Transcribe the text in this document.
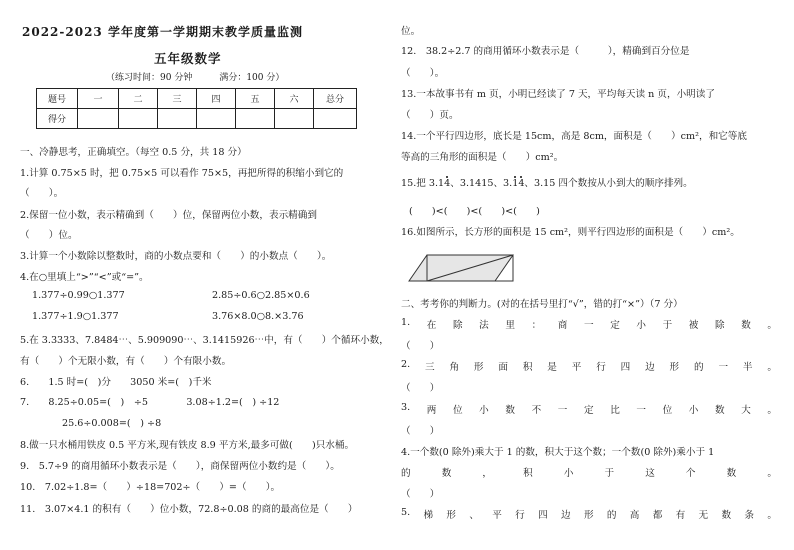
2022-2023 学年度第一学期期末教学质量监测
五年级数学
（练习时间：90 分钟　　　满分：100 分）
题号	一	二	三	四	五	六	总分
得分							
一、冷静思考，正确填空。（每空 0.5 分，共 18 分）
1.计算 0.75×5 时，把 0.75×5 可以看作 75×5，再把所得的积缩小到它的
（　　）。
2.保留一位小数，表示精确到（　　）位，保留两位小数，表示精确到
（　　）位。
3.计算一个小数除以整数时，商的小数点要和（　　）的小数点（　　）。
4.在○里填上“>”“<”或“=”。
1.377÷0.99○1.377	2.85÷0.6○2.85×0.6
1.377÷1.9○1.377	3.76×8.0○8.×3.76
5.在 3.3333、7.8484⋯、5.909090⋯、3.1415926⋯中，有（　　）个循环小数，
有（　　）个无限小数，有（　　）个有限小数。
6.　　1.5 时=(　)分　　3050 米=(　)千米
7.　　8.25÷0.05=(　)　÷5　　　　3.08÷1.2=(　) ÷12
25.6÷0.008=(　) ÷8
8.做一只水桶用铁皮 0.5 平方米,现有铁皮 8.9 平方米,最多可做(　　)只水桶。
9.　5.7÷9 的商用循环小数表示是（　　），商保留两位小数约是（　　）。
10.　7.02÷1.8=（　　）÷18=702÷（　　）=（　　）。
11.　3.07×4.1 的积有（　　）位小数，72.8÷0.08 的商的最高位是（　　）
位。
12.　38.2÷2.7 的商用循环小数表示是（　　　），精确到百分位是
（　　）。
13.一本故事书有 m 页，小明已经读了 7 天，平均每天读 n 页，小明读了
（　　）页。
14.一个平行四边形，底长是 15cm，高是 8cm，面积是（　　）cm²，和它等底
等高的三角形的面积是（　　）cm²。
15.把 3.14、3.1415、3.14、3.15 四个数按从小到大的顺序排列。
(　　)<(　　)<(　　)<(　　)
16.如图所示，长方形的面积是 15 cm²，则平行四边形的面积是（　　）cm²。
二、考考你的判断力。(对的在括号里打“√”，错的打“×”）（7 分）
1. 在 除 法 里 ： 商 一 定 小 于 被 除 数 。
（　　）
2. 三 角 形 面 积 是 平 行 四 边 形 的 一 半 。
（　　）
3. 两 位 小 数 不 一 定 比 一 位 小 数 大 。
（　　）
4.一个数(0 除外)乘大于 1 的数，积大于这个数；一个数(0 除外)乘小于 1
的	数	，	积	小	于	这	个	数	。
（　　）
5. 梯 形 、 平 行 四 边 形 的 高 都 有 无 数 条 。
